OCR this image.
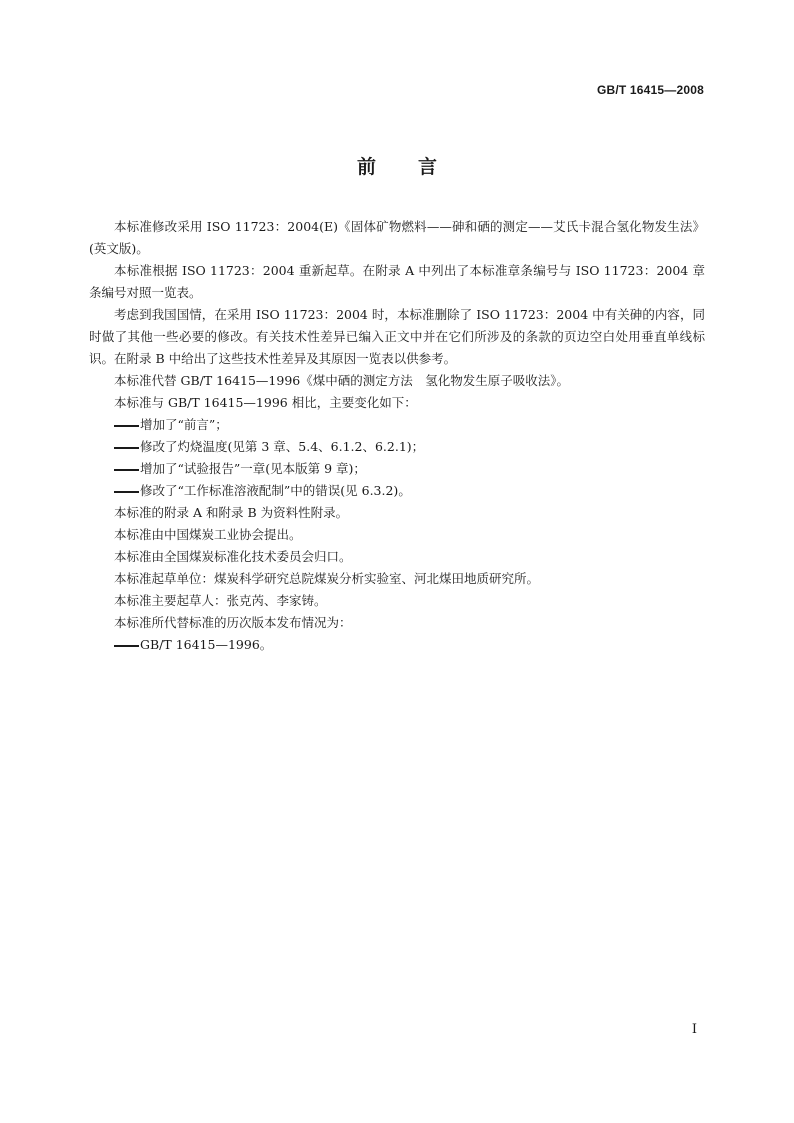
GB/T 16415—2008
前 言

本标准修改采用 ISO 11723：2004(E)《固体矿物燃料——砷和硒的测定——艾氏卡混合氢化物发生法》(英文版)。

本标准根据 ISO 11723：2004 重新起草。在附录 A 中列出了本标准章条编号与 ISO 11723：2004 章条编号对照一览表。

考虑到我国国情，在采用 ISO 11723：2004 时，本标准删除了 ISO 11723：2004 中有关砷的内容，同时做了其他一些必要的修改。有关技术性差异已编入正文中并在它们所涉及的条款的页边空白处用垂直单线标识。在附录 B 中给出了这些技术性差异及其原因一览表以供参考。

本标准代替 GB/T 16415—1996《煤中硒的测定方法　氢化物发生原子吸收法》。

本标准与 GB/T 16415—1996 相比，主要变化如下：

增加了“前言”；

修改了灼烧温度(见第 3 章、5.4、6.1.2、6.2.1)；

增加了“试验报告”一章(见本版第 9 章)；

修改了“工作标准溶液配制”中的错误(见 6.3.2)。

本标准的附录 A 和附录 B 为资料性附录。

本标准由中国煤炭工业协会提出。

本标准由全国煤炭标准化技术委员会归口。

本标准起草单位：煤炭科学研究总院煤炭分析实验室、河北煤田地质研究所。

本标准主要起草人：张克芮、李家铸。

本标准所代替标准的历次版本发布情况为：

GB/T 16415—1996。

I
